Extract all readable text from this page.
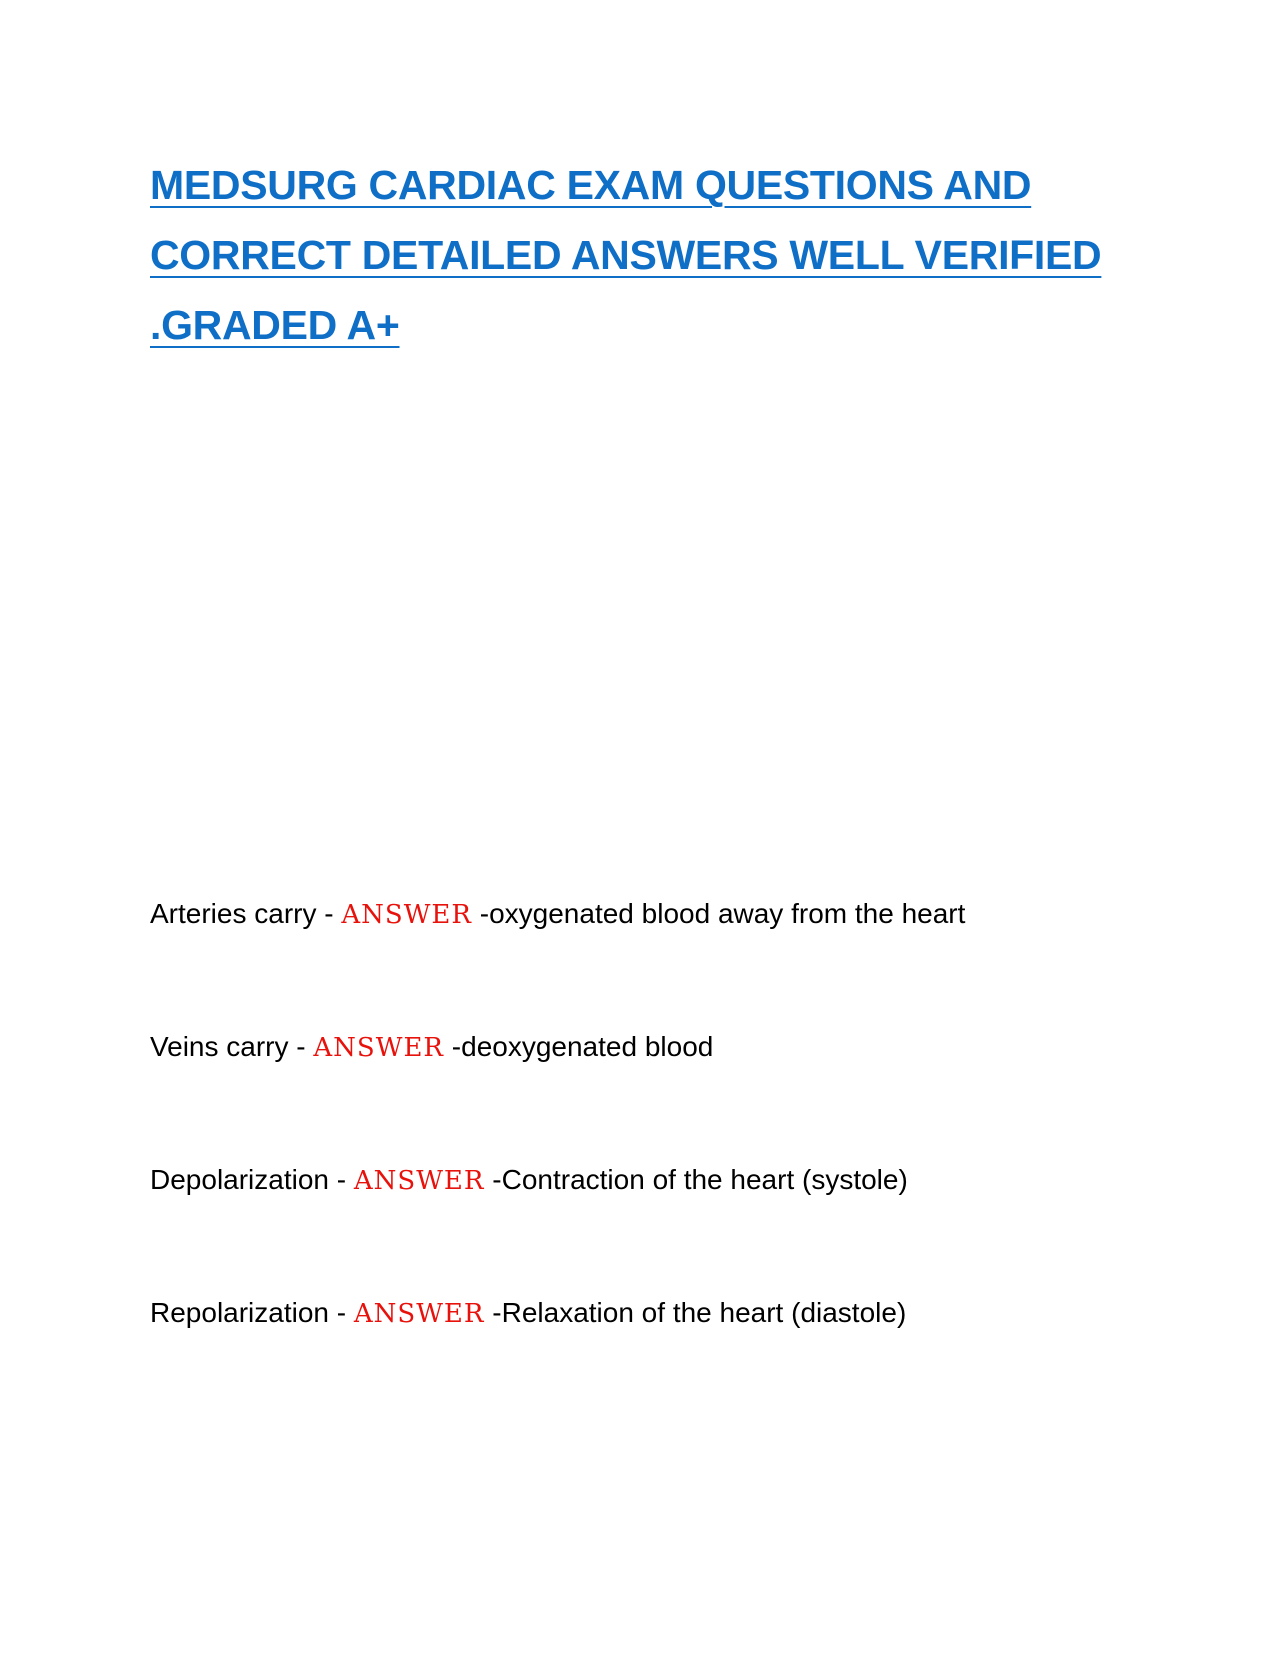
MEDSURG CARDIAC EXAM QUESTIONS AND
CORRECT DETAILED ANSWERS WELL VERIFIED
.GRADED A+

Arteries carry - ANSWER -oxygenated blood away from the heart

Veins carry - ANSWER -deoxygenated blood

Depolarization - ANSWER -Contraction of the heart (systole)

Repolarization - ANSWER -Relaxation of the heart (diastole)
